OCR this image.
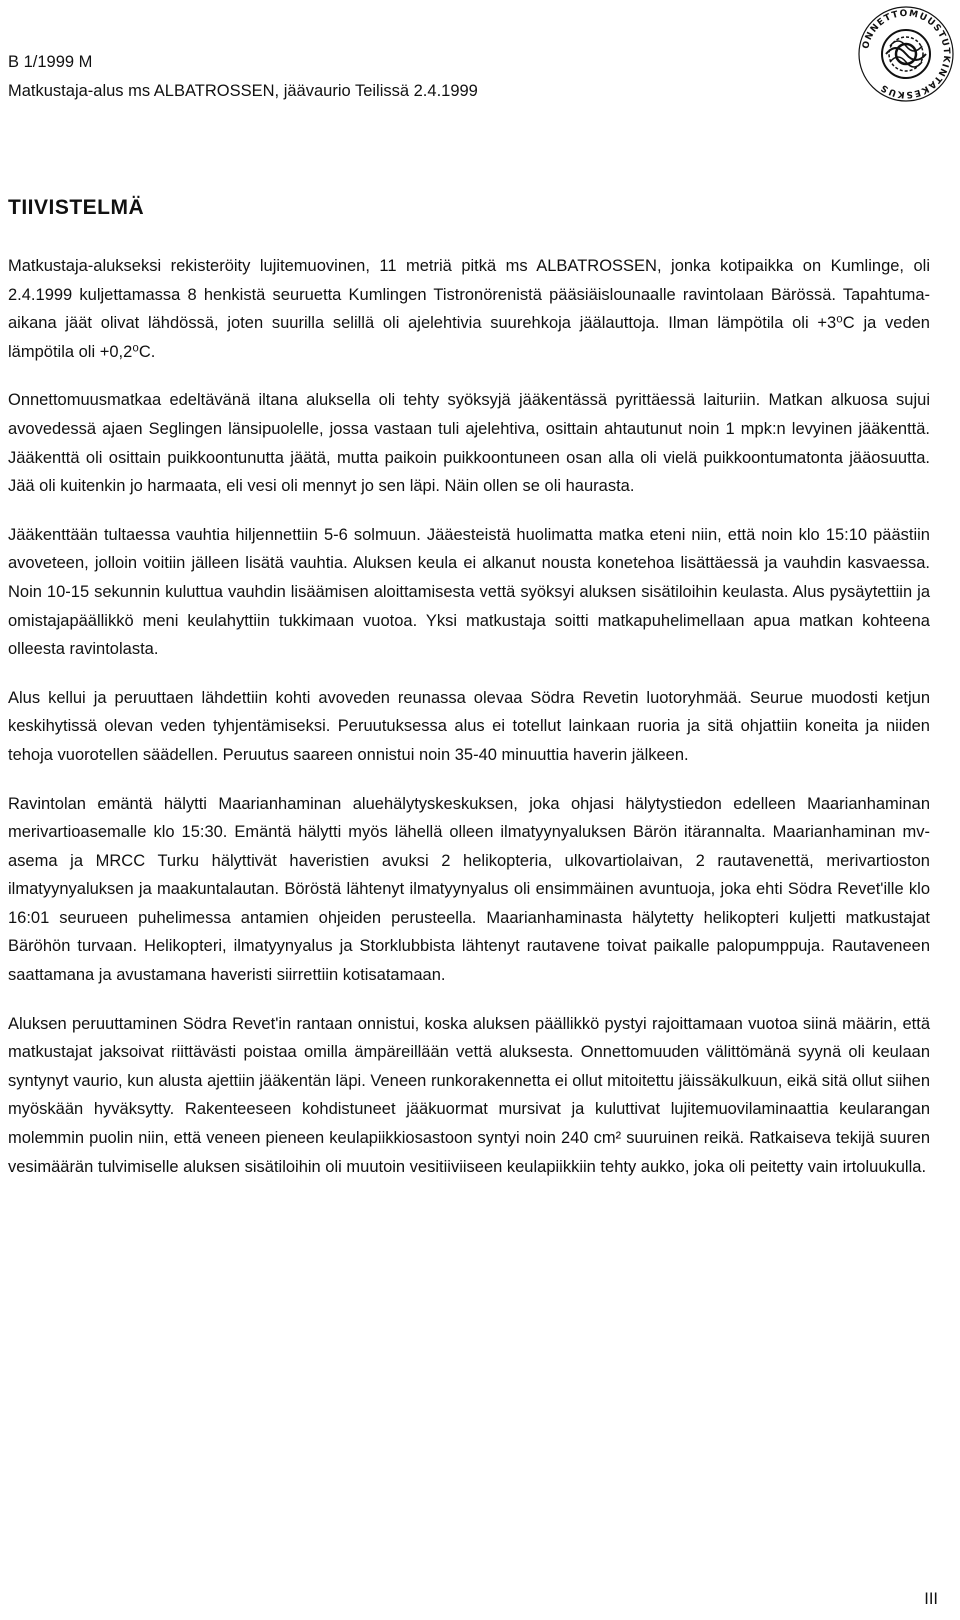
B 1/1999 M
Matkustaja-alus ms ALBATROSSEN, jäävaurio Teilissä 2.4.1999
ONNETTOMUUSTUTKINTAKESKUS
TIIVISTELMÄ

Matkustaja-alukseksi rekisteröity lujitemuovinen, 11 metriä pitkä ms ALBATROSSEN, jonka kotipaikka on Kumlinge, oli 2.4.1999 kuljettamassa 8 henkistä seuruetta Kumlingen Tistronörenistä pääsiäislounaalle ravintolaan Bärössä. Tapahtuma-aikana jäät olivat lähdössä, joten suurilla selillä oli ajelehtivia suurehkoja jäälauttoja. Ilman lämpötila oli +3⁰C ja veden lämpötila oli +0,2⁰C.

Onnettomuusmatkaa edeltävänä iltana aluksella oli tehty syöksyjä jääkentässä pyrittäessä laituriin. Matkan alkuosa sujui avovedessä ajaen Seglingen länsipuolelle, jossa vastaan tuli ajelehtiva, osittain ahtautunut noin 1 mpk:n levyinen jääkenttä. Jääkenttä oli osittain puikkoontunutta jäätä, mutta paikoin puikkoontuneen osan alla oli vielä puikkoontumatonta jääosuutta. Jää oli kuitenkin jo harmaata, eli vesi oli mennyt jo sen läpi. Näin ollen se oli haurasta.

Jääkenttään tultaessa vauhtia hiljennettiin 5-6 solmuun. Jääesteistä huolimatta matka eteni niin, että noin klo 15:10 päästiin avoveteen, jolloin voitiin jälleen lisätä vauhtia. Aluksen keula ei alkanut nousta konetehoa lisättäessä ja vauhdin kasvaessa. Noin 10-15 sekunnin kuluttua vauhdin lisäämisen aloittamisesta vettä syöksyi aluksen sisätiloihin keulasta. Alus pysäytettiin ja omistajapäällikkö meni keulahyttiin tukkimaan vuotoa. Yksi matkustaja soitti matkapuhelimellaan apua matkan kohteena olleesta ravintolasta.

Alus kellui ja peruuttaen lähdettiin kohti avoveden reunassa olevaa Södra Revetin luotoryhmää. Seurue muodosti ketjun keskihytissä olevan veden tyhjentämiseksi. Peruutuksessa alus ei totellut lainkaan ruoria ja sitä ohjattiin koneita ja niiden tehoja vuorotellen säädellen. Peruutus saareen onnistui noin 35-40 minuuttia haverin jälkeen.

Ravintolan emäntä hälytti Maarianhaminan aluehälytyskeskuksen, joka ohjasi hälytystiedon edelleen Maarianhaminan merivartioasemalle klo 15:30. Emäntä hälytti myös lähellä olleen ilmatyynyaluksen Bärön itärannalta. Maarianhaminan mv-asema ja MRCC Turku hälyttivät haveristien avuksi 2 helikopteria, ulkovartiolaivan, 2 rautavenettä, merivartioston ilmatyynyaluksen ja maakuntalautan. Böröstä lähtenyt ilmatyynyalus oli ensimmäinen avuntuoja, joka ehti Södra Revet'ille klo 16:01 seurueen puhelimessa antamien ohjeiden perusteella. Maarianhaminasta hälytetty helikopteri kuljetti matkustajat Bäröhön turvaan. Helikopteri, ilmatyynyalus ja Storklubbista lähtenyt rautavene toivat paikalle palopumppuja. Rautaveneen saattamana ja avustamana haveristi siirrettiin kotisatamaan.

Aluksen peruuttaminen Södra Revet'in rantaan onnistui, koska aluksen päällikkö pystyi rajoittamaan vuotoa siinä määrin, että matkustajat jaksoivat riittävästi poistaa omilla ämpäreillään vettä aluksesta. Onnettomuuden välittömänä syynä oli keulaan syntynyt vaurio, kun alusta ajettiin jääkentän läpi. Veneen runkorakennetta ei ollut mitoitettu jäissäkulkuun, eikä sitä ollut siihen myöskään hyväksytty. Rakenteeseen kohdistuneet jääkuormat mursivat ja kuluttivat lujitemuovilaminaattia keularangan molemmin puolin niin, että veneen pieneen keulapiikkiosastoon syntyi noin 240 cm² suuruinen reikä. Ratkaiseva tekijä suuren vesimäärän tulvimiselle aluksen sisätiloihin oli muutoin vesitiiviiseen keulapiikkiin tehty aukko, joka oli peitetty vain irtoluukulla.

III
